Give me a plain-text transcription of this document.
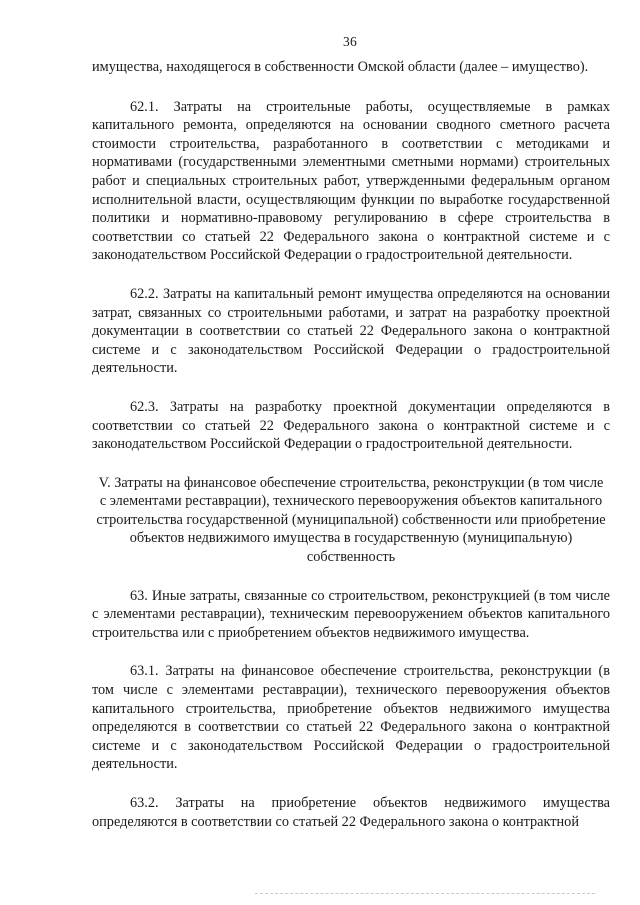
36

имущества, находящегося в собственности Омской области (далее – имущество).

62.1. Затраты на строительные работы, осуществляемые в рамках капитального ремонта, определяются на основании сводного сметного расчета стоимости строительства, разработанного в соответствии с методиками и нормативами (государственными элементными сметными нормами) строительных работ и специальных строительных работ, утвержденными федеральным органом исполнительной власти, осуществляющим функции по выработке государственной политики и нормативно-правовому регулированию в сфере строительства в соответствии со статьей 22 Федерального закона о контрактной системе и с законодательством Российской Федерации о градостроительной деятельности.

62.2. Затраты на капитальный ремонт имущества определяются на основании затрат, связанных со строительными работами, и затрат на разработку проектной документации в соответствии со статьей 22 Федерального закона о контрактной системе и с законодательством Российской Федерации о градостроительной деятельности.

62.3. Затраты на разработку проектной документации определяются в соответствии со статьей 22 Федерального закона о контрактной системе и с законодательством Российской Федерации о градостроительной деятельности.

V. Затраты на финансовое обеспечение строительства, реконструкции (в том числе с элементами реставрации), технического перевооружения объектов капитального строительства государственной (муниципальной) собственности или приобретение объектов недвижимого имущества в государственную (муниципальную) собственность

63. Иные затраты, связанные со строительством, реконструкцией (в том числе с элементами реставрации), техническим перевооружением объектов капитального строительства или с приобретением объектов недвижимого имущества.

63.1. Затраты на финансовое обеспечение строительства, реконструкции (в том числе с элементами реставрации), технического перевооружения объектов капитального строительства, приобретение объектов недвижимого имущества определяются в соответствии со статьей 22 Федерального закона о контрактной системе и с законодательством Российской Федерации о градостроительной деятельности.

63.2. Затраты на приобретение объектов недвижимого имущества определяются в соответствии со статьей 22 Федерального закона о контрактной
